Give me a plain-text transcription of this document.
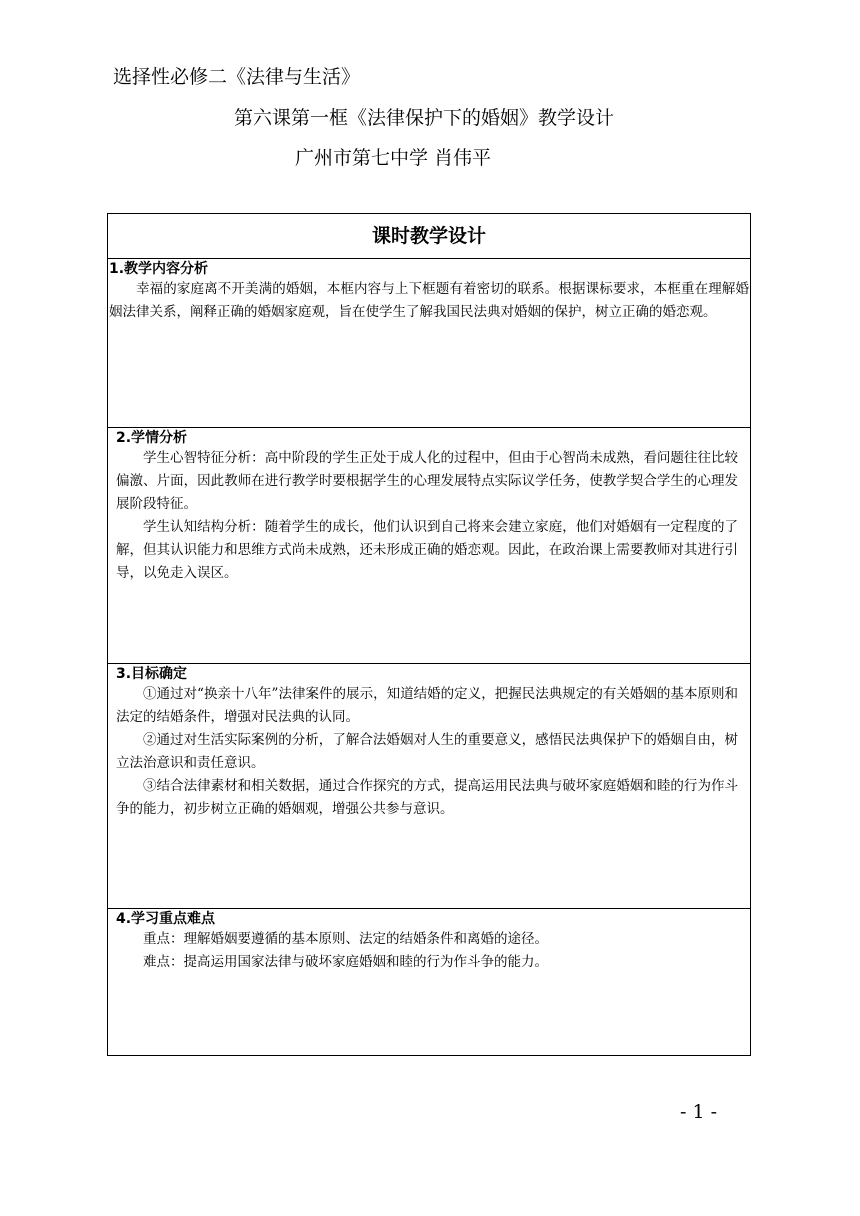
选择性必修二《法律与生活》
第六课第一框《法律保护下的婚姻》教学设计
广州市第七中学 肖伟平
课时教学设计
1.教学内容分析

幸福的家庭离不开美满的婚姻，本框内容与上下框题有着密切的联系。根据课标要求，本框重在理解婚姻法律关系，阐释正确的婚姻家庭观，旨在使学生了解我国民法典对婚姻的保护，树立正确的婚恋观。

2.学情分析

学生心智特征分析：高中阶段的学生正处于成人化的过程中，但由于心智尚未成熟，看问题往往比较偏激、片面，因此教师在进行教学时要根据学生的心理发展特点实际议学任务，使教学契合学生的心理发展阶段特征。

学生认知结构分析：随着学生的成长，他们认识到自己将来会建立家庭，他们对婚姻有一定程度的了解，但其认识能力和思维方式尚未成熟，还未形成正确的婚恋观。因此，在政治课上需要教师对其进行引导，以免走入误区。

3.目标确定

①通过对“换亲十八年”法律案件的展示，知道结婚的定义，把握民法典规定的有关婚姻的基本原则和法定的结婚条件，增强对民法典的认同。

②通过对生活实际案例的分析，了解合法婚姻对人生的重要意义，感悟民法典保护下的婚姻自由，树立法治意识和责任意识。

③结合法律素材和相关数据，通过合作探究的方式，提高运用民法典与破坏家庭婚姻和睦的行为作斗争的能力，初步树立正确的婚姻观，增强公共参与意识。

4.学习重点难点

重点：理解婚姻要遵循的基本原则、法定的结婚条件和离婚的途径。

难点：提高运用国家法律与破坏家庭婚姻和睦的行为作斗争的能力。

- 1 -
